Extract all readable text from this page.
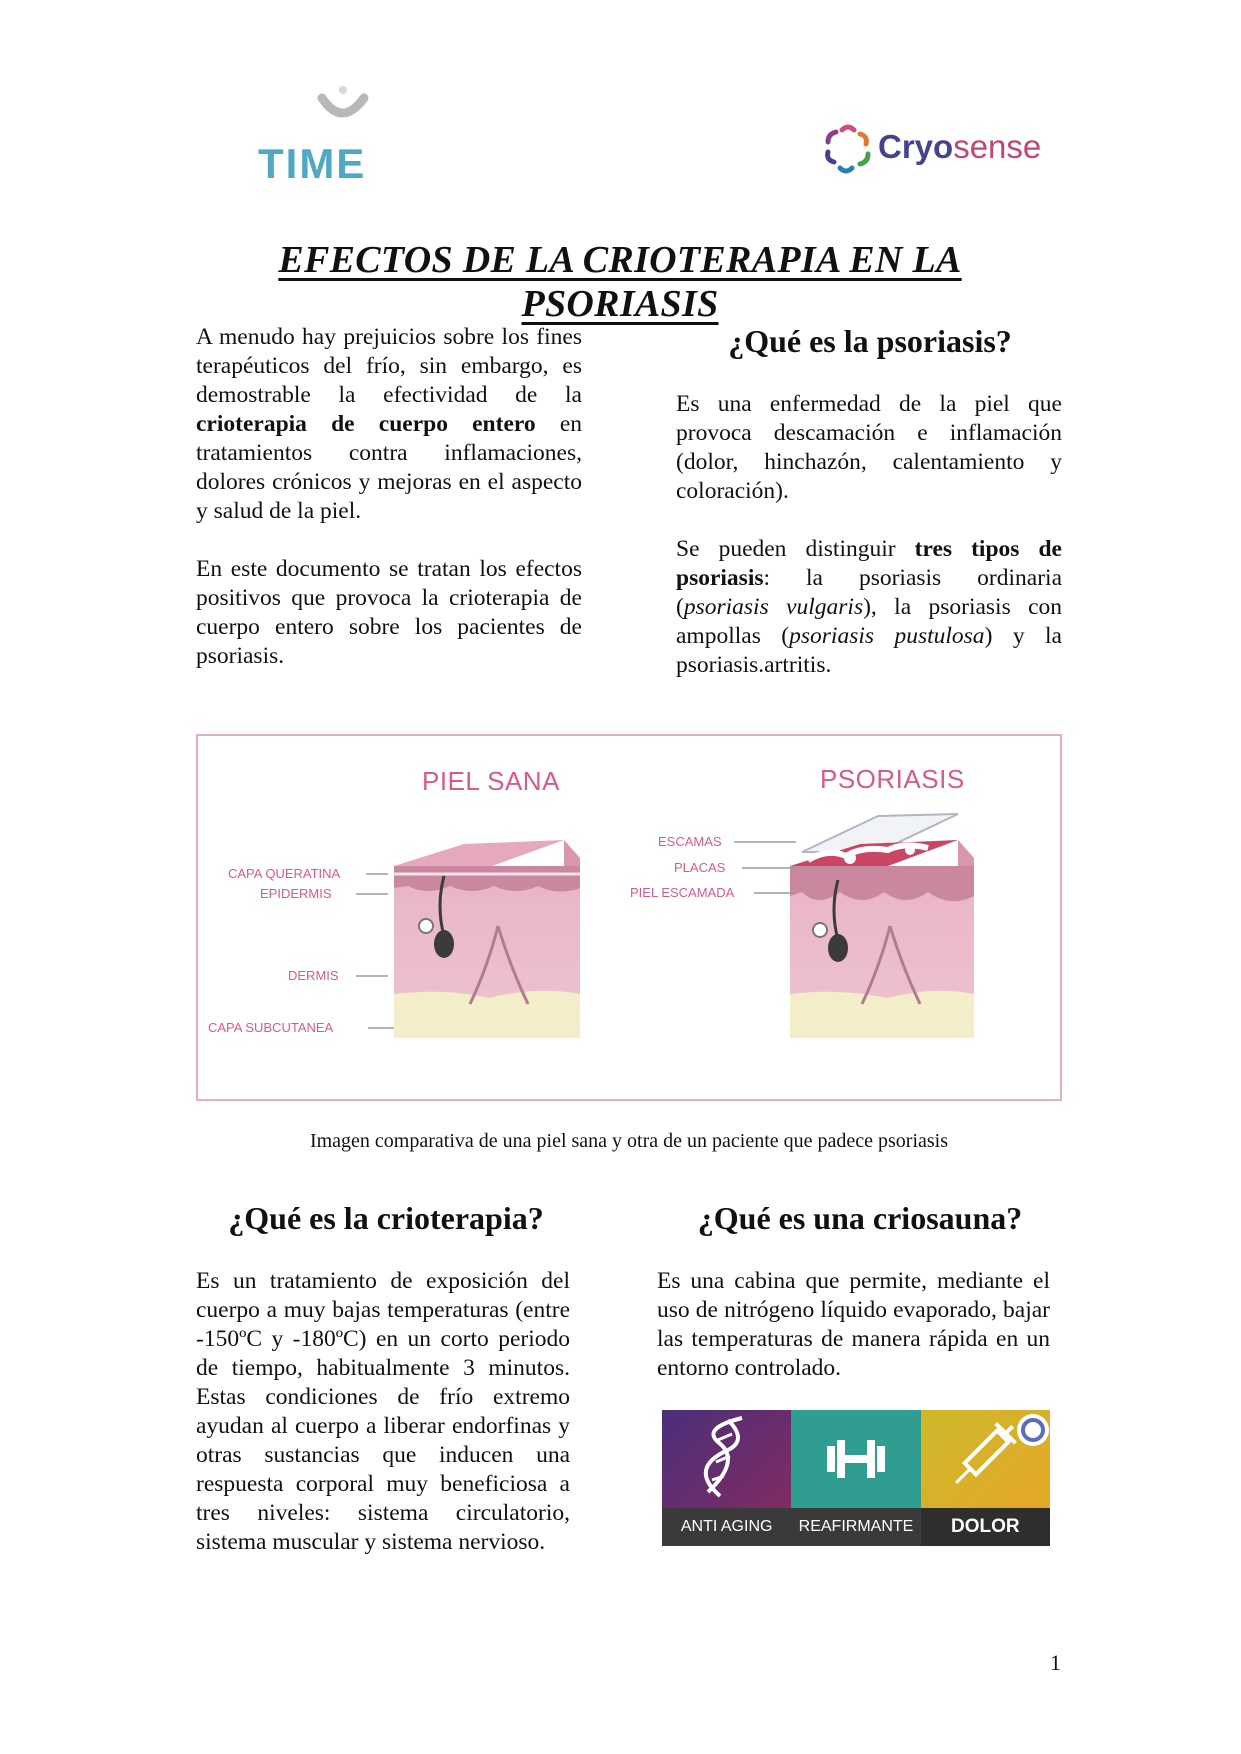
TIME	Cryosense
EFECTOS DE LA CRIOTERAPIA EN LA PSORIASIS

A menudo hay prejuicios sobre los fines terapéuticos del frío, sin embargo, es demostrable la efectividad de la crioterapia de cuerpo entero en tratamientos contra inflamaciones, dolores crónicos y mejoras en el aspecto y salud de la piel.

En este documento se tratan los efectos positivos que provoca la crioterapia de cuerpo entero sobre los pacientes de psoriasis.

¿Qué es la psoriasis?

Es una enfermedad de la piel que provoca descamación e inflamación (dolor, hinchazón, calentamiento y coloración).

Se pueden distinguir tres tipos de psoriasis: la psoriasis ordinaria (psoriasis vulgaris), la psoriasis con ampollas (psoriasis pustulosa) y la psoriasis.artritis.

PIEL SANA	PSORIASIS
CAPA QUERATINA
EPIDERMIS
DERMIS
CAPA SUBCUTANEA
ESCAMAS
PLACAS
PIEL ESCAMADA

Imagen comparativa de una piel sana y otra de un paciente que padece psoriasis

¿Qué es la crioterapia?

Es un tratamiento de exposición del cuerpo a muy bajas temperaturas (entre -150ºC y -180ºC) en un corto periodo de tiempo, habitualmente 3 minutos. Estas condiciones de frío extremo ayudan al cuerpo a liberar endorfinas y otras sustancias que inducen una respuesta corporal muy beneficiosa a tres niveles: sistema circulatorio, sistema muscular y sistema nervioso.

¿Qué es una criosauna?

Es una cabina que permite, mediante el uso de nitrógeno líquido evaporado, bajar las temperaturas de manera rápida en un entorno controlado.

ANTI AGING	REAFIRMANTE	DOLOR

1
